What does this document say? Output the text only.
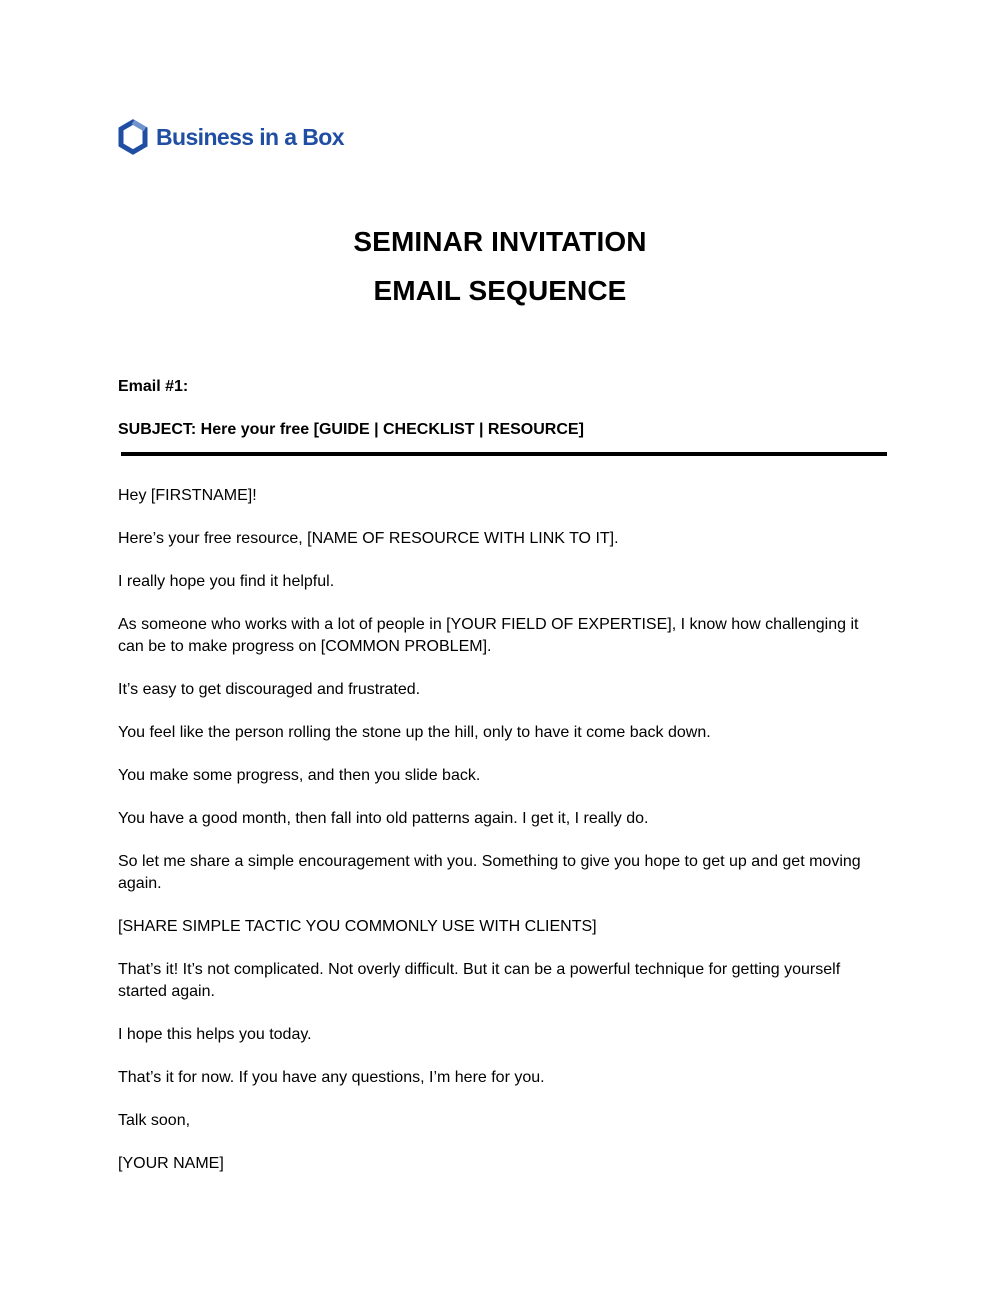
Business in a Box
SEMINAR INVITATION
EMAIL SEQUENCE
Email #1:
SUBJECT: Here your free [GUIDE | CHECKLIST | RESOURCE]

Hey [FIRSTNAME]!

Here’s your free resource, [NAME OF RESOURCE WITH LINK TO IT].

I really hope you find it helpful.

As someone who works with a lot of people in [YOUR FIELD OF EXPERTISE], I know how challenging it can be to make progress on [COMMON PROBLEM].

It’s easy to get discouraged and frustrated.

You feel like the person rolling the stone up the hill, only to have it come back down.

You make some progress, and then you slide back.

You have a good month, then fall into old patterns again. I get it, I really do.

So let me share a simple encouragement with you. Something to give you hope to get up and get moving again.

[SHARE SIMPLE TACTIC YOU COMMONLY USE WITH CLIENTS]

That’s it! It’s not complicated. Not overly difficult. But it can be a powerful technique for getting yourself started again.

I hope this helps you today.

That’s it for now. If you have any questions, I’m here for you.

Talk soon,

[YOUR NAME]
